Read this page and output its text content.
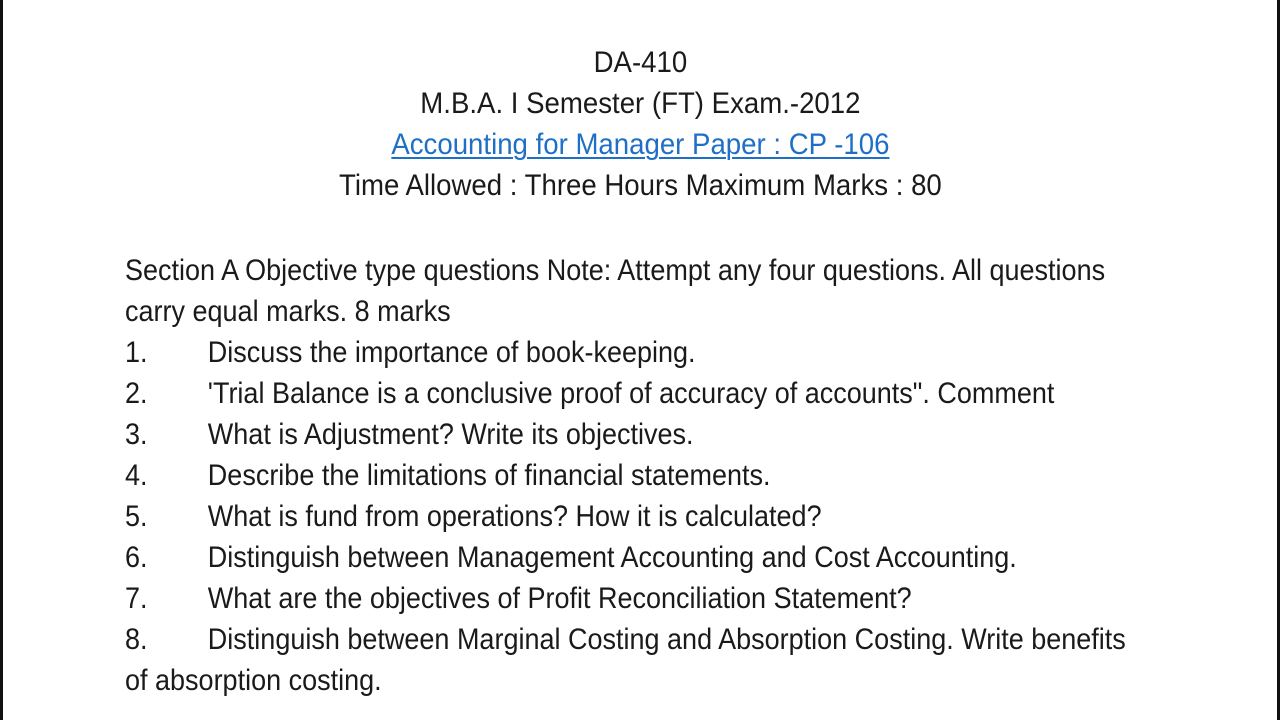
DA-410
M.B.A. I Semester (FT) Exam.-2012
Accounting for Manager Paper : CP -106
Time Allowed : Three Hours Maximum Marks : 80
Section A Objective type questions Note: Attempt any four questions. All questions carry equal marks. 8 marks
1. Discuss the importance of book-keeping.
2. 'Trial Balance is a conclusive proof of accuracy of accounts". Comment
3. What is Adjustment? Write its objectives.
4. Describe the limitations of financial statements.
5. What is fund from operations? How it is calculated?
6. Distinguish between Management Accounting and Cost Accounting.
7. What are the objectives of Profit Reconciliation Statement?
8. Distinguish between Marginal Costing and Absorption Costing. Write benefits of absorption costing.
